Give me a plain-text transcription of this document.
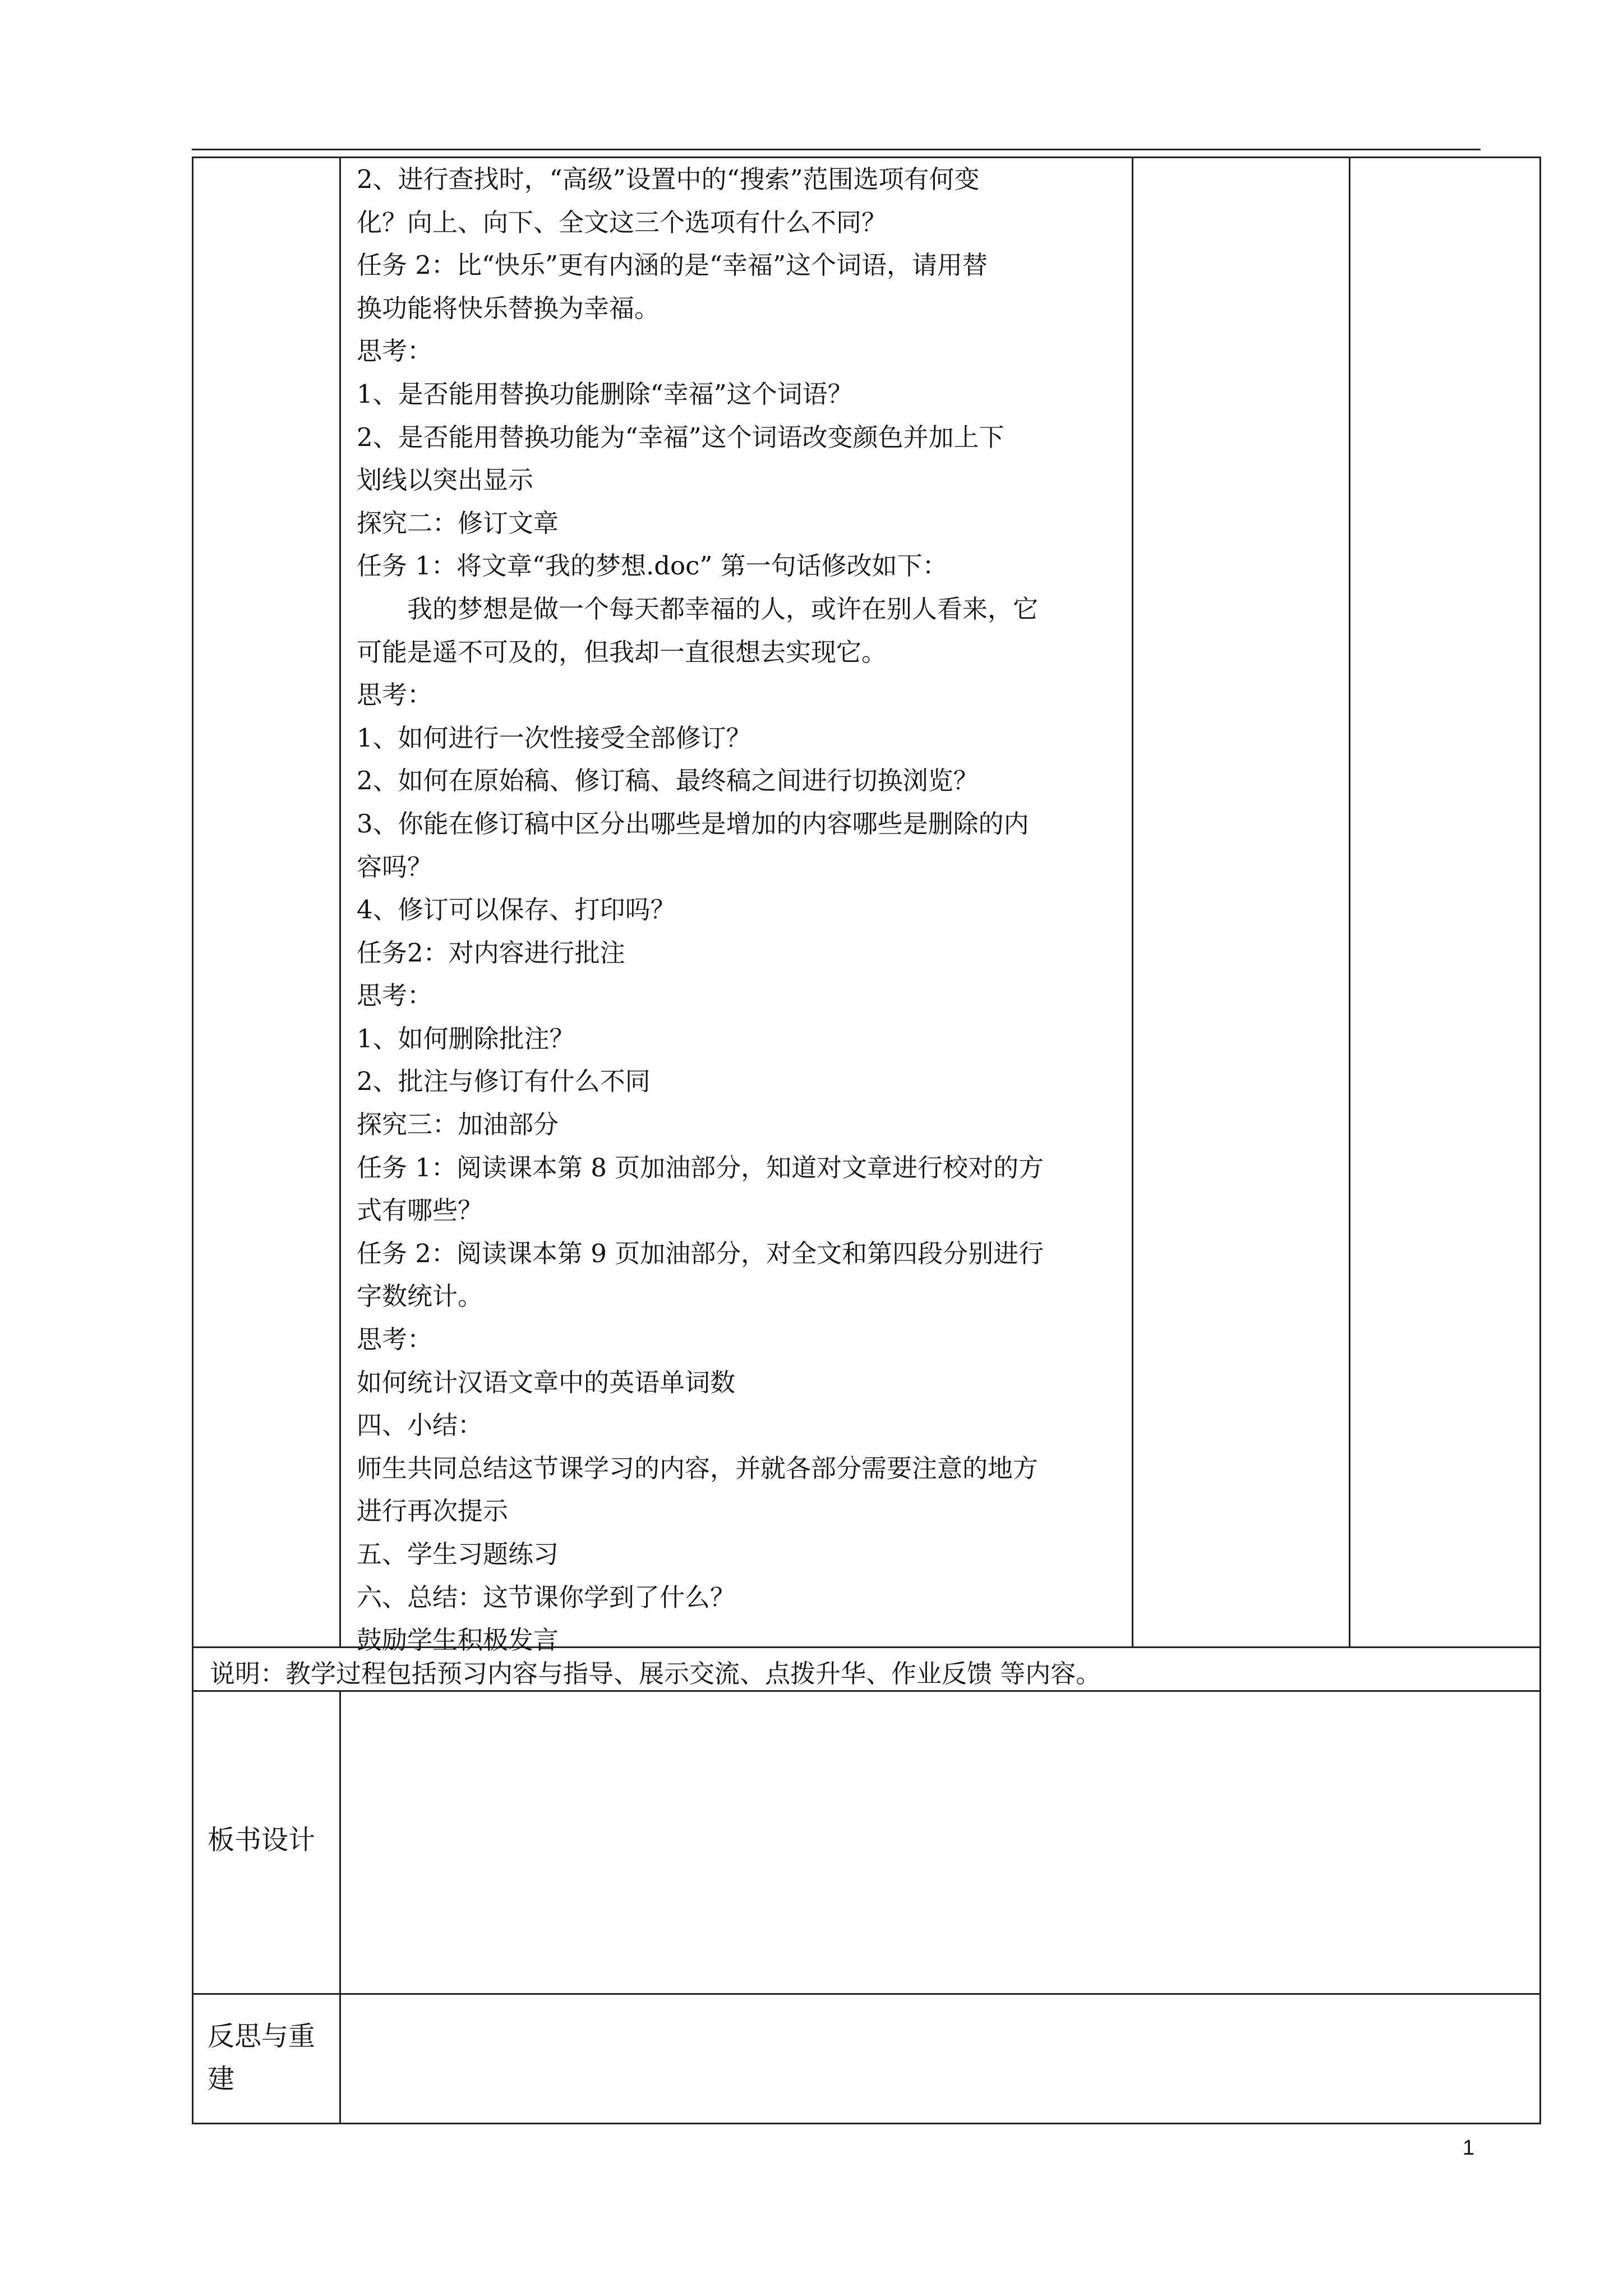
2、进行查找时，“高级”设置中的“搜索”范围选项有何变

化？向上、向下、全文这三个选项有什么不同？

任务 2：比“快乐”更有内涵的是“幸福”这个词语，请用替

换功能将快乐替换为幸福。

思考：

1、是否能用替换功能删除“幸福”这个词语？

2、是否能用替换功能为“幸福”这个词语改变颜色并加上下

划线以突出显示

探究二：修订文章

任务 1：将文章“我的梦想.doc” 第一句话修改如下：

我的梦想是做一个每天都幸福的人，或许在别人看来，它

可能是遥不可及的，但我却一直很想去实现它。

思考：

1、如何进行一次性接受全部修订？

2、如何在原始稿、修订稿、最终稿之间进行切换浏览？

3、你能在修订稿中区分出哪些是增加的内容哪些是删除的内

容吗？

4、修订可以保存、打印吗？

任务2：对内容进行批注

思考：

1、如何删除批注？

2、批注与修订有什么不同

探究三：加油部分

任务 1：阅读课本第 8 页加油部分，知道对文章进行校对的方

式有哪些？

任务 2：阅读课本第 9 页加油部分，对全文和第四段分别进行

字数统计。

思考：

如何统计汉语文章中的英语单词数

四、小结：

师生共同总结这节课学习的内容，并就各部分需要注意的地方

进行再次提示

五、学生习题练习

六、总结：这节课你学到了什么？

鼓励学生积极发言

说明：教学过程包括预习内容与指导、展示交流、点拨升华、作业反馈 等内容。
板书设计
反思与重建
1
